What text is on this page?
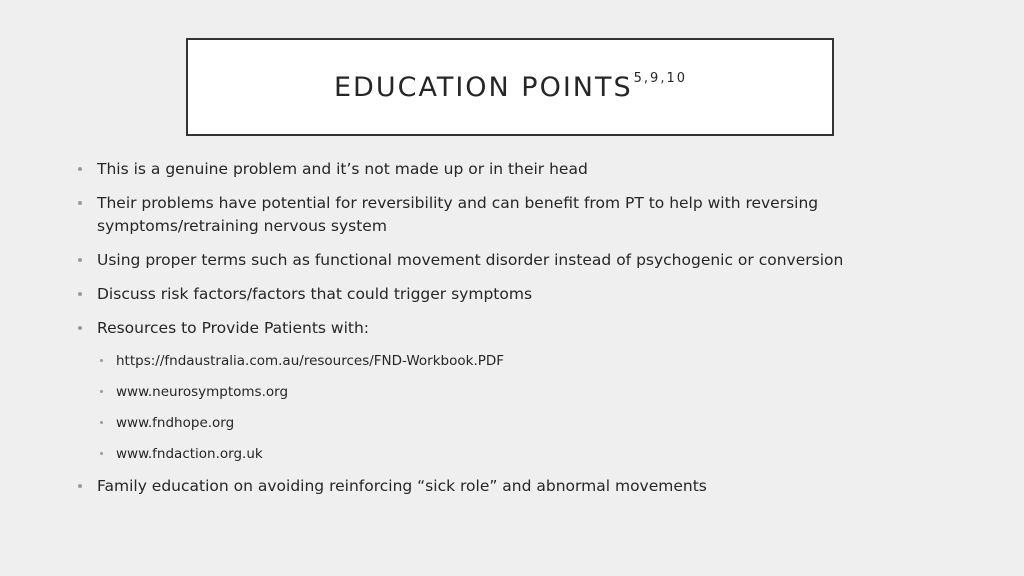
EDUCATION POINTS$^{5,9,10}$
This is a genuine problem and it’s not made up or in their head
Their problems have potential for reversibility and can benefit from PT to help with reversing symptoms/retraining nervous system
Using proper terms such as functional movement disorder instead of psychogenic or conversion
Discuss risk factors/factors that could trigger symptoms
Resources to Provide Patients with:
https://fndaustralia.com.au/resources/FND-Workbook.PDF
www.neurosymptoms.org
www.fndhope.org
www.fndaction.org.uk
Family education on avoiding reinforcing “sick role” and abnormal movements
